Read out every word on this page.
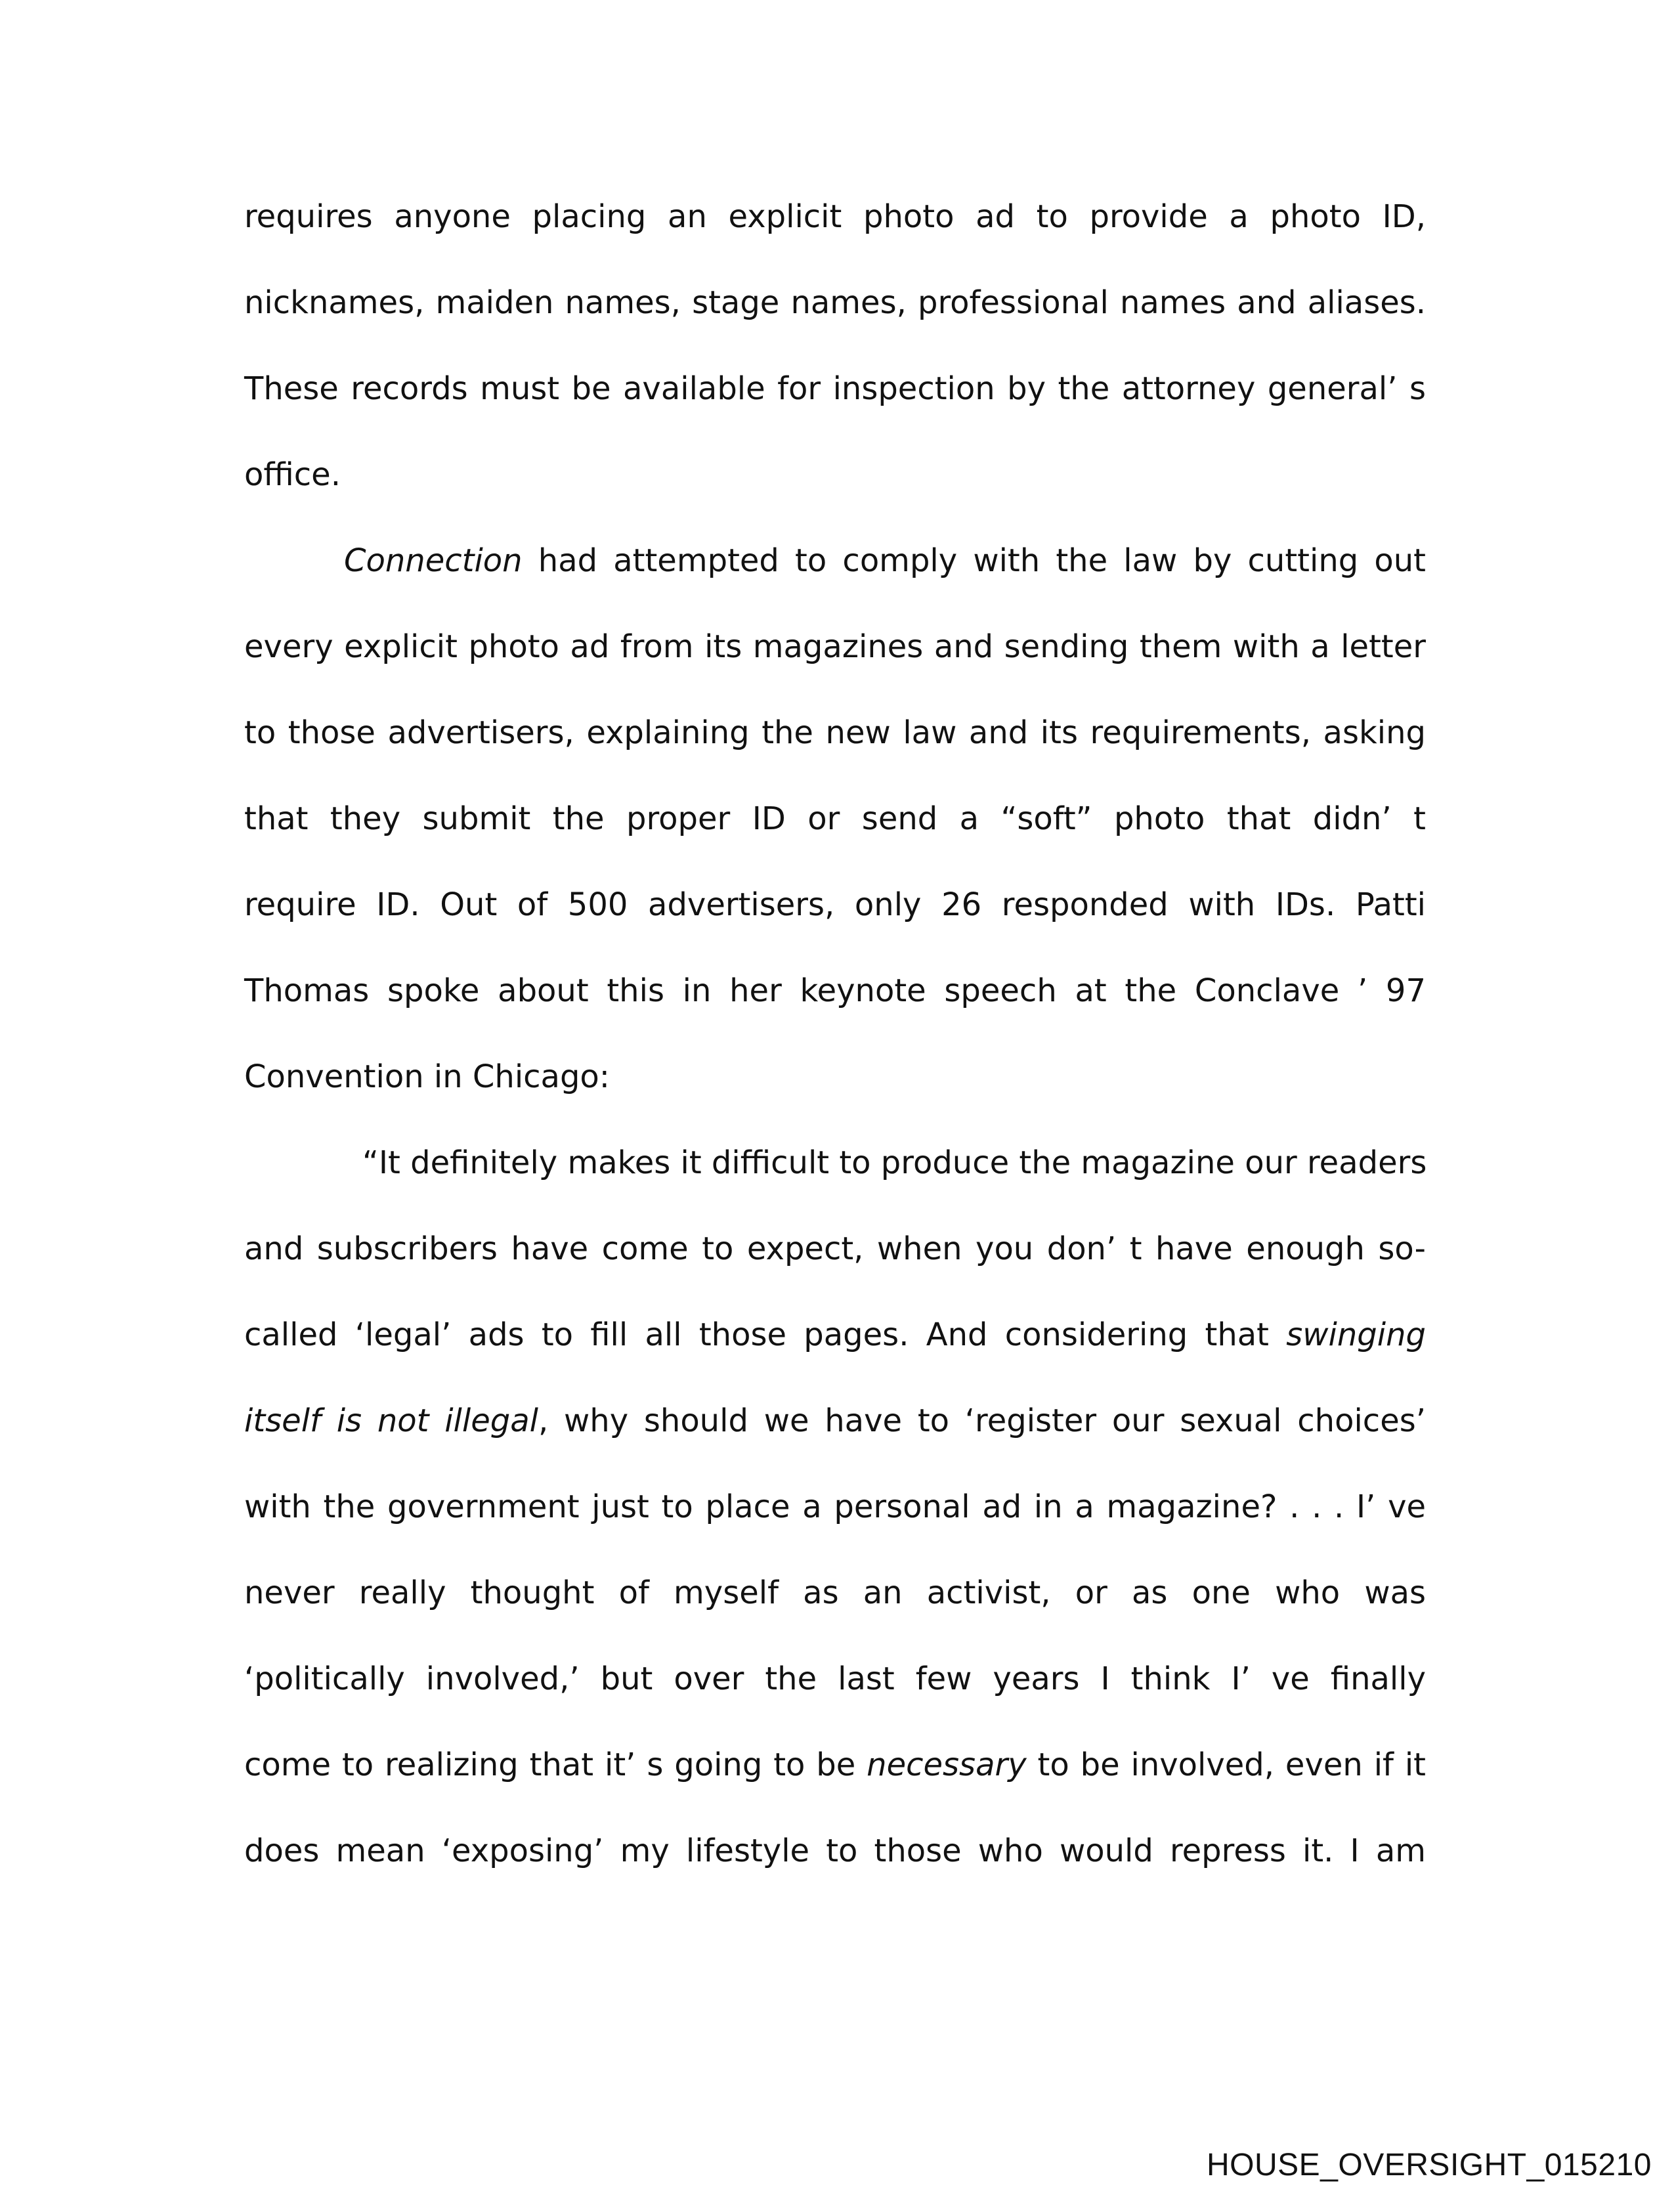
requires anyone placing an explicit photo ad to provide a photo ID,
nicknames, maiden names, stage names, professional names and aliases.
These records must be available for inspection by the attorney general’ s
office.
Connection had attempted to comply with the law by cutting out
every explicit photo ad from its magazines and sending them with a letter
to those advertisers, explaining the new law and its requirements, asking
that they submit the proper ID or send a “soft” photo that didn’ t
require ID. Out of 500 advertisers, only 26 responded with IDs. Patti
Thomas spoke about this in her keynote speech at the Conclave ’ 97
Convention in Chicago:
“It definitely makes it difficult to produce the magazine our readers
and subscribers have come to expect, when you don’ t have enough so-
called ‘legal’ ads to fill all those pages. And considering that swinging
itself is not illegal, why should we have to ‘register our sexual choices’
with the government just to place a personal ad in a magazine? . . . I’ ve
never really thought of myself as an activist, or as one who was
‘politically involved,’ but over the last few years I think I’ ve finally
come to realizing that it’ s going to be necessary to be involved, even if it
does mean ‘exposing’ my lifestyle to those who would repress it. I am
HOUSE_OVERSIGHT_015210
